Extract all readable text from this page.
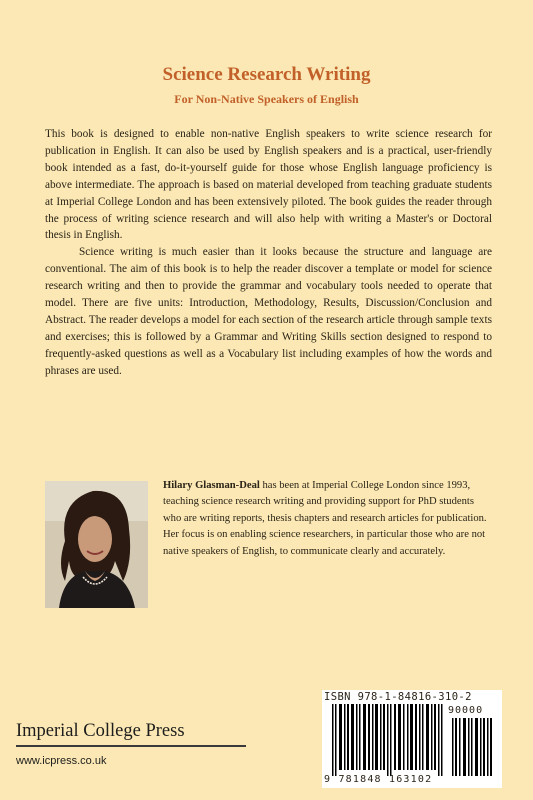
Science Research Writing
For Non-Native Speakers of English

This book is designed to enable non-native English speakers to write science research for publication in English. It can also be used by English speakers and is a practical, user-friendly book intended as a fast, do-it-yourself guide for those whose English language proficiency is above intermediate. The approach is based on material developed from teaching graduate students at Imperial College London and has been extensively piloted. The book guides the reader through the process of writing science research and will also help with writing a Master's or Doctoral thesis in English.

Science writing is much easier than it looks because the structure and language are conventional. The aim of this book is to help the reader discover a template or model for science research writing and then to provide the grammar and vocabulary tools needed to operate that model. There are five units: Introduction, Methodology, Results, Discussion/Conclusion and Abstract. The reader develops a model for each section of the research article through sample texts and exercises; this is followed by a Grammar and Writing Skills section designed to respond to frequently-asked questions as well as a Vocabulary list including examples of how the words and phrases are used.

Hilary Glasman-Deal has been at Imperial College London since 1993, teaching science research writing and providing support for PhD students who are writing reports, thesis chapters and research articles for publication. Her focus is on enabling science researchers, in particular those who are not native speakers of English, to communicate clearly and accurately.

Imperial College Press
www.icpress.co.uk
ISBN 978-1-84816-310-2
90000
9 781848 163102
